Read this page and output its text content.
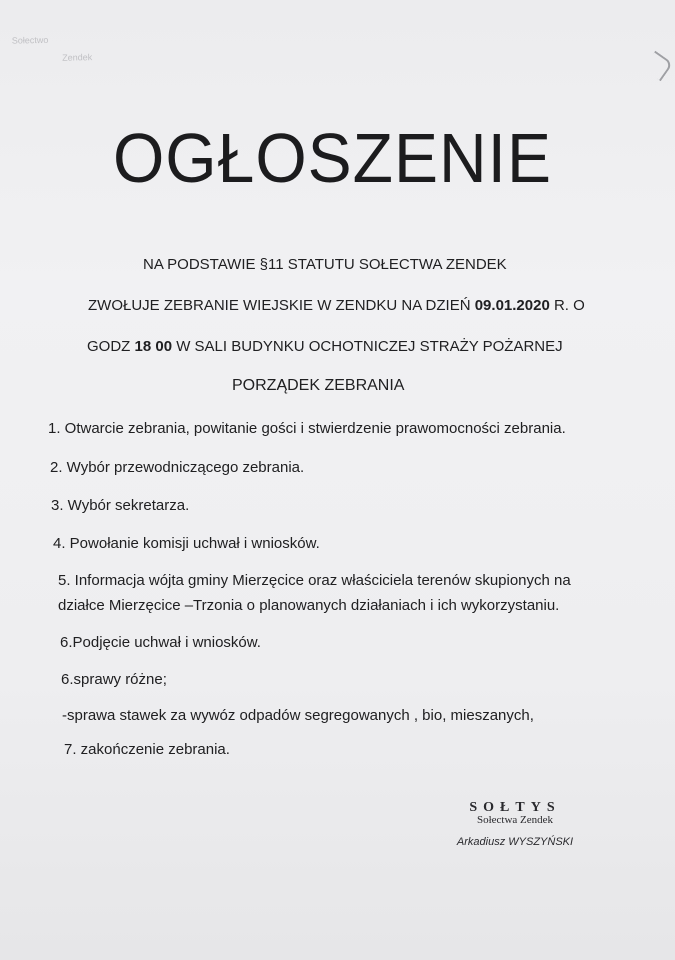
Sołectwo
Zendek
OGŁOSZENIE
NA PODSTAWIE §11 STATUTU SOŁECTWA ZENDEK
ZWOŁUJE ZEBRANIE WIEJSKIE W ZENDKU NA DZIEŃ 09.01.2020 R. O
GODZ 18 00 W SALI BUDYNKU OCHOTNICZEJ STRAŻY POŻARNEJ
PORZĄDEK ZEBRANIA
1. Otwarcie zebrania, powitanie gości i stwierdzenie prawomocności zebrania.
2. Wybór przewodniczącego zebrania.
3. Wybór sekretarza.
4. Powołanie komisji uchwał i wniosków.
5. Informacja wójta gminy Mierzęcice oraz właściciela terenów skupionych na
działce Mierzęcice –Trzonia o planowanych działaniach i ich wykorzystaniu.
6.Podjęcie uchwał i wniosków.
6.sprawy różne;
-sprawa stawek za wywóz odpadów segregowanych , bio, mieszanych,
7. zakończenie zebrania.
SOŁTYS
Sołectwa Zendek
Arkadiusz WYSZYŃSKI
